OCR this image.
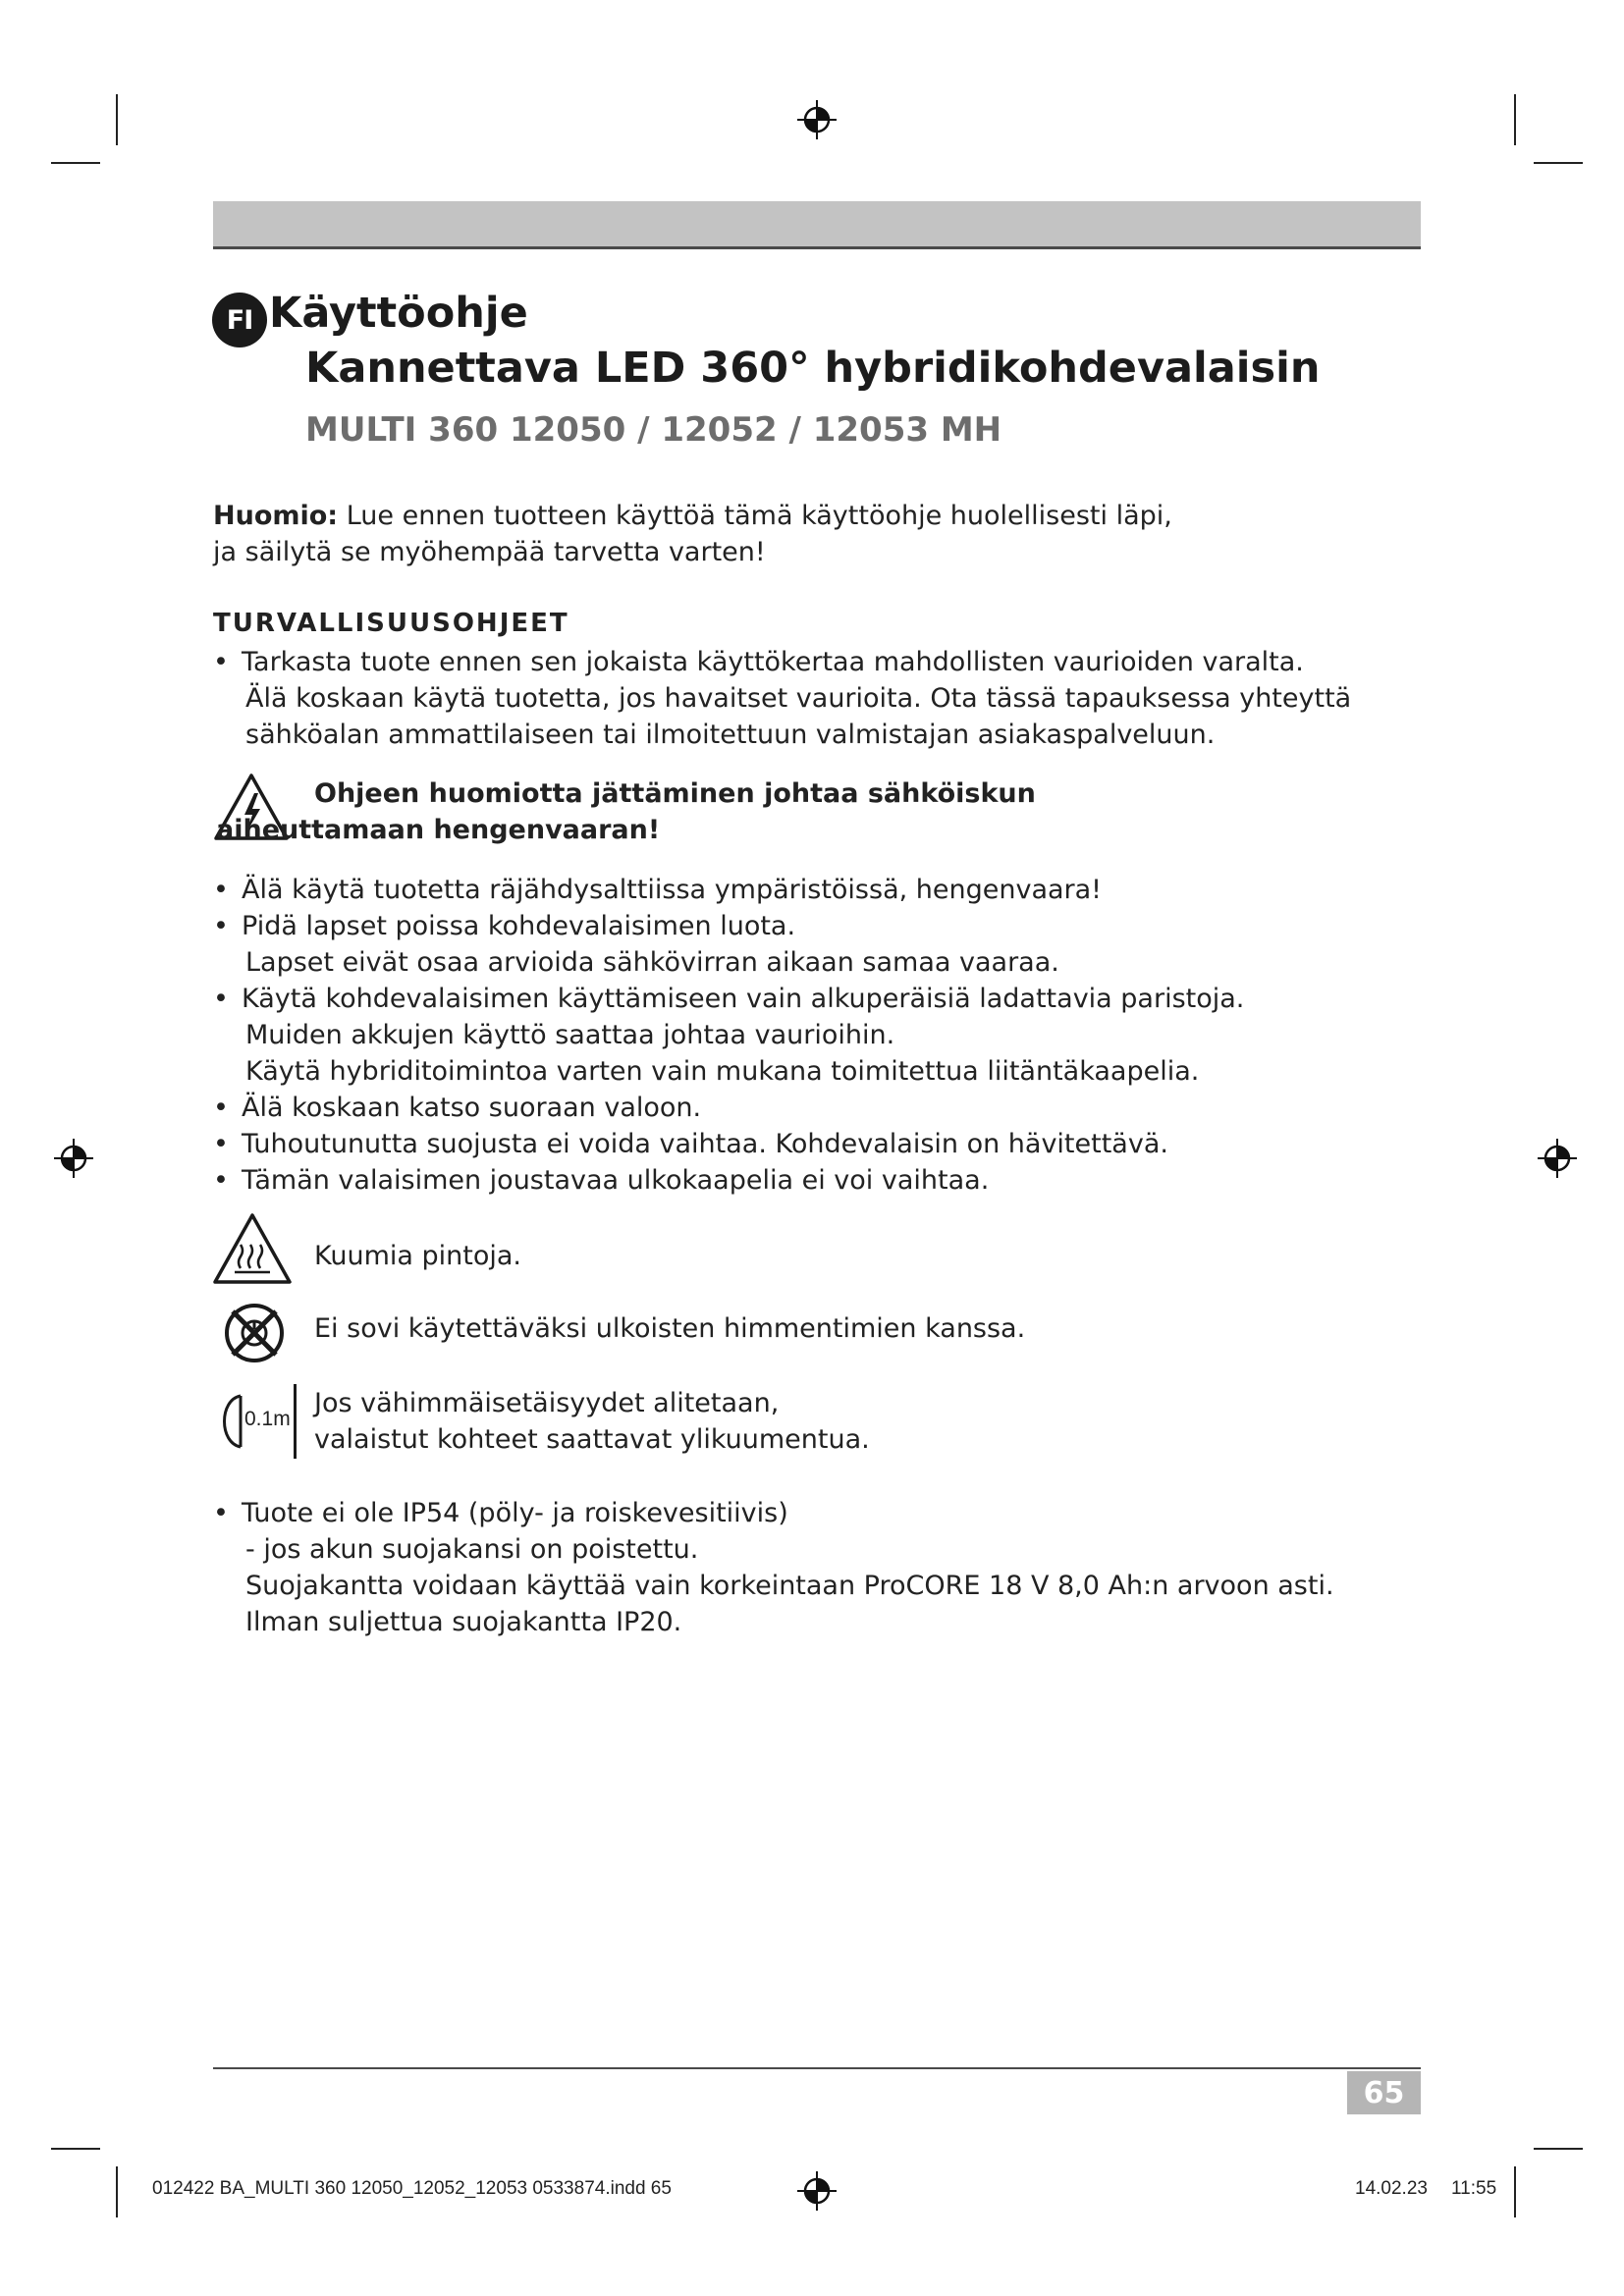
FI Käyttöohje
Kannettava LED 360° hybridikohdevalaisin
MULTI 360 12050 / 12052 / 12053 MH
Huomio: Lue ennen tuotteen käyttöä tämä käyttöohje huolellisesti läpi,
ja säilytä se myöhempää tarvetta varten!
TURVALLISUUSOHJEET
• Tarkasta tuote ennen sen jokaista käyttökertaa mahdollisten vaurioiden varalta.
Älä koskaan käytä tuotetta, jos havaitset vaurioita. Ota tässä tapauksessa yhteyttä
sähköalan ammattilaiseen tai ilmoitettuun valmistajan asiakaspalveluun.
Ohjeen huomiotta jättäminen johtaa sähköiskun
aiheuttamaan hengenvaaran!
• Älä käytä tuotetta räjähdysalttiissa ympäristöissä, hengenvaara!
• Pidä lapset poissa kohdevalaisimen luota.
Lapset eivät osaa arvioida sähkövirran aikaan samaa vaaraa.
• Käytä kohdevalaisimen käyttämiseen vain alkuperäisiä ladattavia paristoja.
Muiden akkujen käyttö saattaa johtaa vaurioihin.
Käytä hybriditoimintoa varten vain mukana toimitettua liitäntäkaapelia.
• Älä koskaan katso suoraan valoon.
• Tuhoutunutta suojusta ei voida vaihtaa. Kohdevalaisin on hävitettävä.
• Tämän valaisimen joustavaa ulkokaapelia ei voi vaihtaa.
Kuumia pintoja.
Ei sovi käytettäväksi ulkoisten himmentimien kanssa.
0.1m
Jos vähimmäisetäisyydet alitetaan,
valaistut kohteet saattavat ylikuumentua.
• Tuote ei ole IP54 (pöly- ja roiskevesitiivis)
- jos akun suojakansi on poistettu.
Suojakantta voidaan käyttää vain korkeintaan ProCORE 18 V 8,0 Ah:n arvoon asti.
Ilman suljettua suojakantta IP20.
65
012422 BA_MULTI 360 12050_12052_12053 0533874.indd 65	14.02.23 11:55
